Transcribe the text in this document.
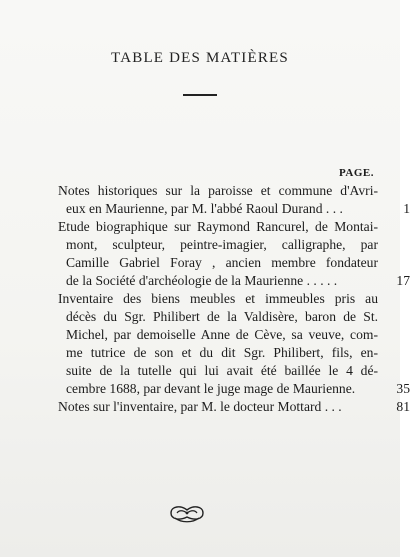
TABLE DES MATIÈRES
PAGE.
Notes historiques sur la paroisse et commune d'Avri-
eux en Maurienne, par M. l'abbé Raoul Durand . . .	1
Etude biographique sur Raymond Rancurel, de Montai-
mont, sculpteur, peintre-imagier, calligraphe, par
Camille Gabriel Foray , ancien membre fondateur
de la Société d'archéologie de la Maurienne . . . . .	17
Inventaire des biens meubles et immeubles pris au
décès du Sgr. Philibert de la Valdisère, baron de St.
Michel, par demoiselle Anne de Cève, sa veuve, com-
me tutrice de son et du dit Sgr. Philibert, fils, en-
suite de la tutelle qui lui avait été baillée le 4 dé-
cembre 1688, par devant le juge mage de Maurienne.	35
Notes sur l'inventaire, par M. le docteur Mottard . . .	81
